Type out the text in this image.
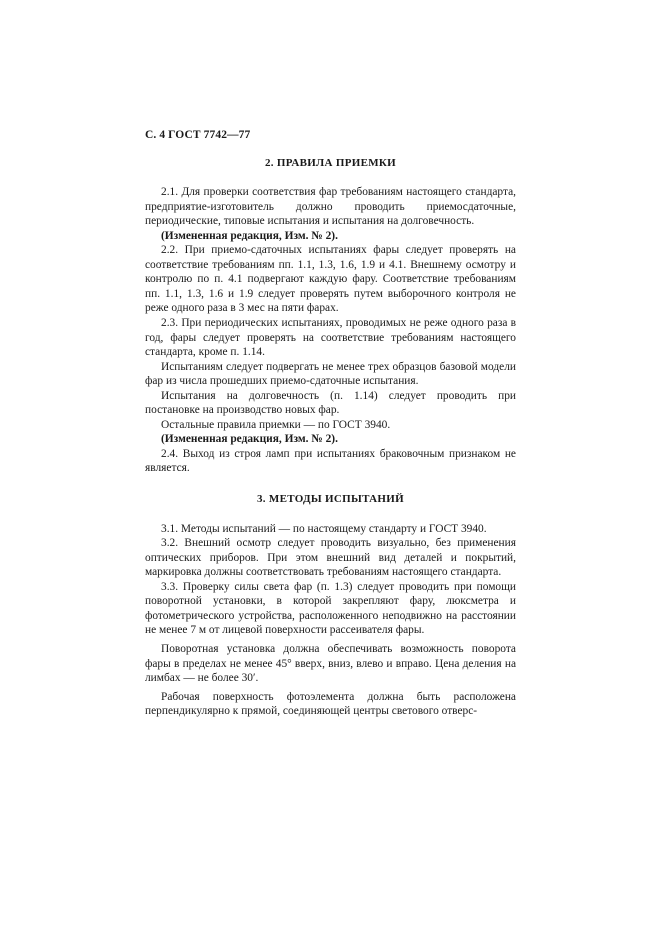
С. 4 ГОСТ 7742—77
2. ПРАВИЛА ПРИЕМКИ

2.1. Для проверки соответствия фар требованиям настоящего стандарта, предприятие-изготовитель должно проводить приемосдаточные, периодические, типовые испытания и испытания на долговечность.

(Измененная редакция, Изм. № 2).

2.2. При приемо-сдаточных испытаниях фары следует проверять на соответствие требованиям пп. 1.1, 1.3, 1.6, 1.9 и 4.1. Внешнему осмотру и контролю по п. 4.1 подвергают каждую фару. Соответствие требованиям пп. 1.1, 1.3, 1.6 и 1.9 следует проверять путем выборочного контроля не реже одного раза в 3 мес на пяти фарах.

2.3. При периодических испытаниях, проводимых не реже одного раза в год, фары следует проверять на соответствие требованиям настоящего стандарта, кроме п. 1.14.

Испытаниям следует подвергать не менее трех образцов базовой модели фар из числа прошедших приемо-сдаточные испытания.

Испытания на долговечность (п. 1.14) следует проводить при постановке на производство новых фар.

Остальные правила приемки — по ГОСТ 3940.

(Измененная редакция, Изм. № 2).

2.4. Выход из строя ламп при испытаниях браковочным признаком не является.

3. МЕТОДЫ ИСПЫТАНИЙ

3.1. Методы испытаний — по настоящему стандарту и ГОСТ 3940.

3.2. Внешний осмотр следует проводить визуально, без применения оптических приборов. При этом внешний вид деталей и покрытий, маркировка должны соответствовать требованиям настоящего стандарта.

3.3. Проверку силы света фар (п. 1.3) следует проводить при помощи поворотной установки, в которой закрепляют фару, люксметра и фотометрического устройства, расположенного неподвижно на расстоянии не менее 7 м от лицевой поверхности рассеивателя фары.

Поворотная установка должна обеспечивать возможность поворота фары в пределах не менее 45° вверх, вниз, влево и вправо. Цена деления на лимбах — не более 30′.

Рабочая поверхность фотоэлемента должна быть расположена перпендикулярно к прямой, соединяющей центры светового отверс-
